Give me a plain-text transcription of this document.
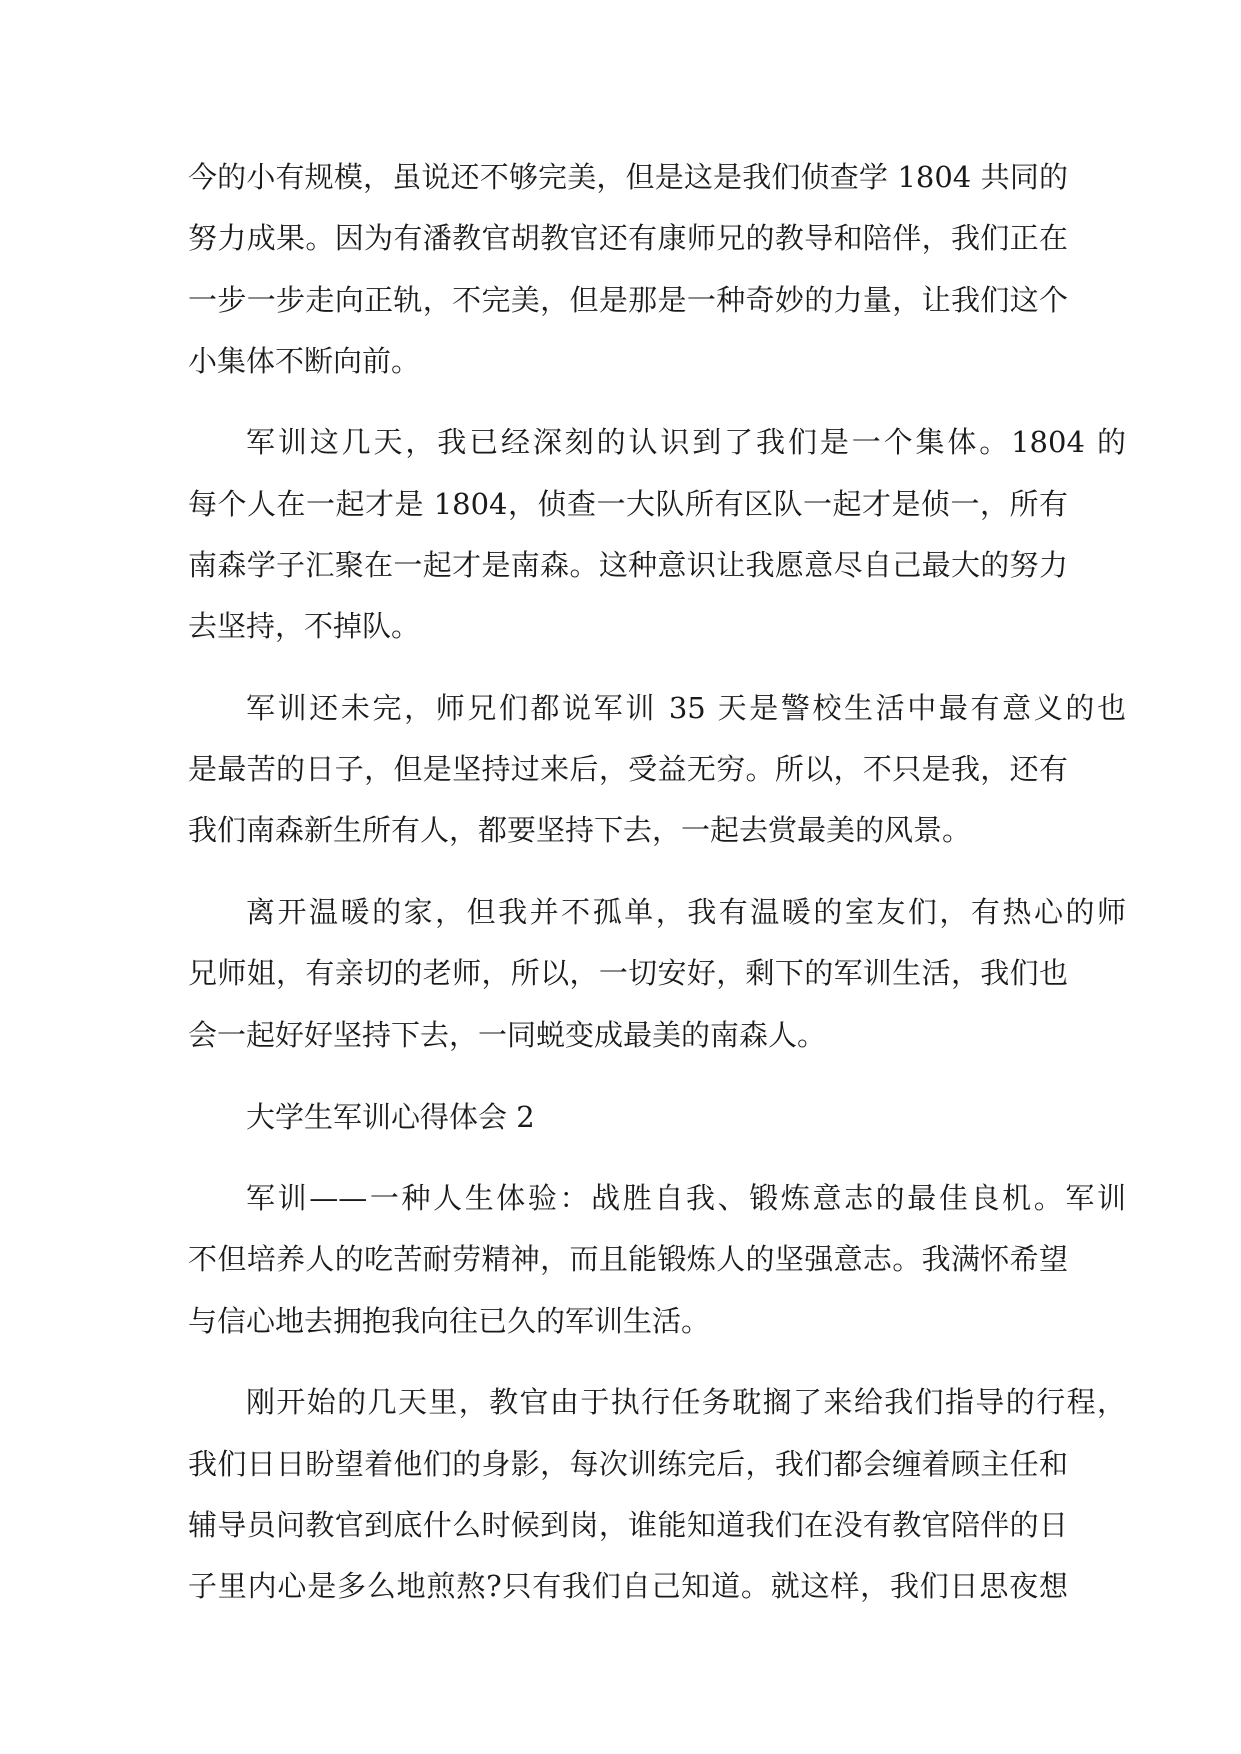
今的小有规模，虽说还不够完美，但是这是我们侦查学 1804 共同的
努力成果。因为有潘教官胡教官还有康师兄的教导和陪伴，我们正在
一步一步走向正轨，不完美，但是那是一种奇妙的力量，让我们这个
小集体不断向前。
军训这几天，我已经深刻的认识到了我们是一个集体。1804 的
每个人在一起才是 1804，侦查一大队所有区队一起才是侦一，所有
南森学子汇聚在一起才是南森。这种意识让我愿意尽自己最大的努力
去坚持，不掉队。
军训还未完，师兄们都说军训 35 天是警校生活中最有意义的也
是最苦的日子，但是坚持过来后，受益无穷。所以，不只是我，还有
我们南森新生所有人，都要坚持下去，一起去赏最美的风景。
离开温暖的家，但我并不孤单，我有温暖的室友们，有热心的师
兄师姐，有亲切的老师，所以，一切安好，剩下的军训生活，我们也
会一起好好坚持下去，一同蜕变成最美的南森人。
大学生军训心得体会 2
军训——一种人生体验：战胜自我、锻炼意志的最佳良机。军训
不但培养人的吃苦耐劳精神，而且能锻炼人的坚强意志。我满怀希望
与信心地去拥抱我向往已久的军训生活。
刚开始的几天里，教官由于执行任务耽搁了来给我们指导的行程，
我们日日盼望着他们的身影，每次训练完后，我们都会缠着顾主任和
辅导员问教官到底什么时候到岗，谁能知道我们在没有教官陪伴的日
子里内心是多么地煎熬?只有我们自己知道。就这样，我们日思夜想
